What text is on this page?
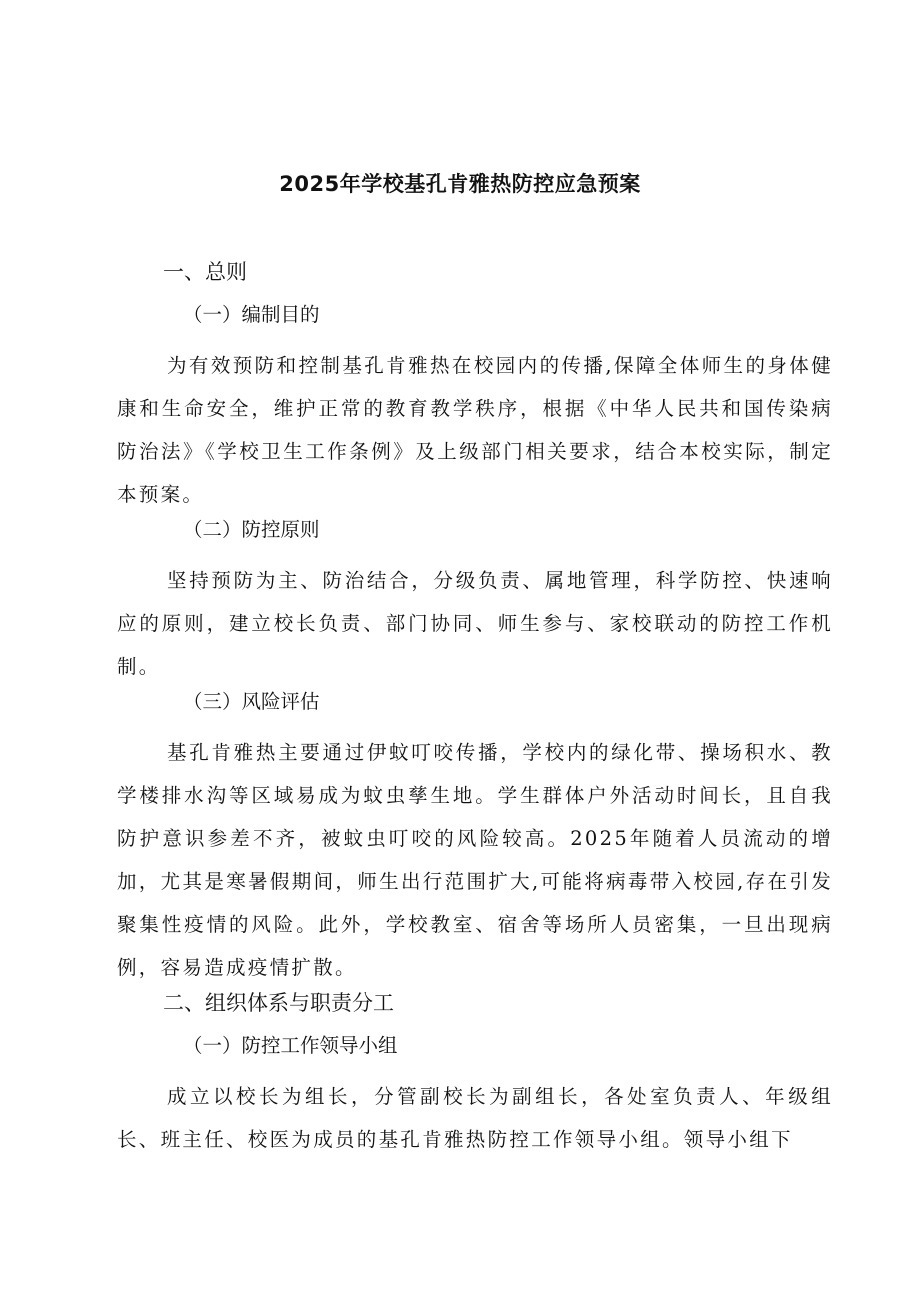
2025年学校基孔肯雅热防控应急预案
一、总则
（一）编制目的

为有效预防和控制基孔肯雅热在校园内的传播,保障全体师生的身体健康和生命安全，维护正常的教育教学秩序，根据《中华人民共和国传染病防治法》《学校卫生工作条例》及上级部门相关要求，结合本校实际，制定本预案。

（二）防控原则

坚持预防为主、防治结合，分级负责、属地管理，科学防控、快速响应的原则，建立校长负责、部门协同、师生参与、家校联动的防控工作机制。

（三）风险评估

基孔肯雅热主要通过伊蚊叮咬传播，学校内的绿化带、操场积水、教学楼排水沟等区域易成为蚊虫孳生地。学生群体户外活动时间长，且自我防护意识参差不齐，被蚊虫叮咬的风险较高。2025年随着人员流动的增加，尤其是寒暑假期间，师生出行范围扩大,可能将病毒带入校园,存在引发聚集性疫情的风险。此外，学校教室、宿舍等场所人员密集，一旦出现病例，容易造成疫情扩散。

二、组织体系与职责分工
（一）防控工作领导小组

成立以校长为组长，分管副校长为副组长，各处室负责人、年级组长、班主任、校医为成员的基孔肯雅热防控工作领导小组。领导小组下
